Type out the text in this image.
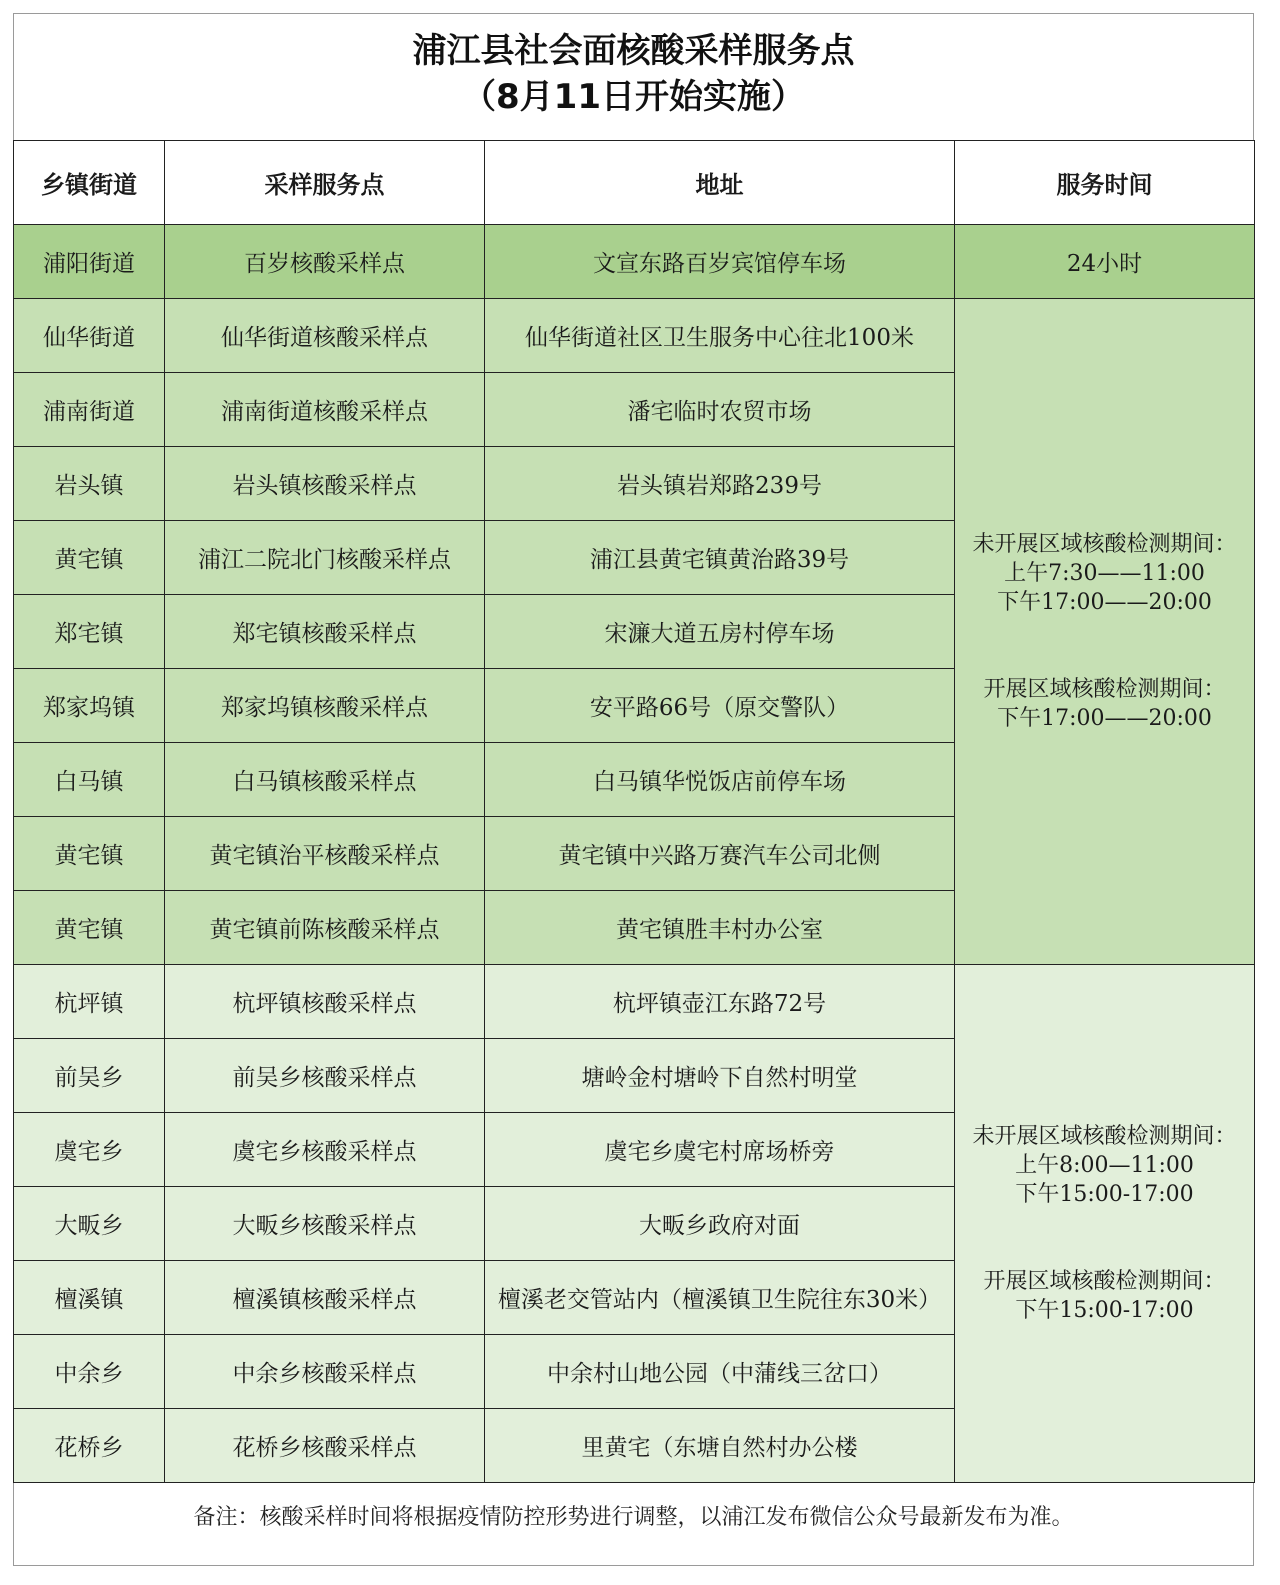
浦江县社会面核酸采样服务点
（8月11日开始实施）
乡镇街道	采样服务点	地址	服务时间
浦阳街道	百岁核酸采样点	文宣东路百岁宾馆停车场	24小时
仙华街道	仙华街道核酸采样点	仙华街道社区卫生服务中心往北100米	未开展区域核酸检测期间：
上午7:30——11:00
下午17:00——20:00
开展区域核酸检测期间：
下午17:00——20:00

浦南街道	浦南街道核酸采样点	潘宅临时农贸市场	
岩头镇	岩头镇核酸采样点	岩头镇岩郑路239号	
黄宅镇	浦江二院北门核酸采样点	浦江县黄宅镇黄治路39号	
郑宅镇	郑宅镇核酸采样点	宋濂大道五房村停车场	
郑家坞镇	郑家坞镇核酸采样点	安平路66号（原交警队）	
白马镇	白马镇核酸采样点	白马镇华悦饭店前停车场	
黄宅镇	黄宅镇治平核酸采样点	黄宅镇中兴路万赛汽车公司北侧	
黄宅镇	黄宅镇前陈核酸采样点	黄宅镇胜丰村办公室	
杭坪镇	杭坪镇核酸采样点	杭坪镇壶江东路72号	未开展区域核酸检测期间：
上午8:00—11:00
下午15:00-17:00
开展区域核酸检测期间：
下午15:00-17:00

前吴乡	前吴乡核酸采样点	塘岭金村塘岭下自然村明堂	
虞宅乡	虞宅乡核酸采样点	虞宅乡虞宅村席场桥旁	
大畈乡	大畈乡核酸采样点	大畈乡政府对面	
檀溪镇	檀溪镇核酸采样点	檀溪老交管站内（檀溪镇卫生院往东30米）	
中余乡	中余乡核酸采样点	中余村山地公园（中蒲线三岔口）	
花桥乡	花桥乡核酸采样点	里黄宅（东塘自然村办公楼	
备注：核酸采样时间将根据疫情防控形势进行调整，以浦江发布微信公众号最新发布为准。
